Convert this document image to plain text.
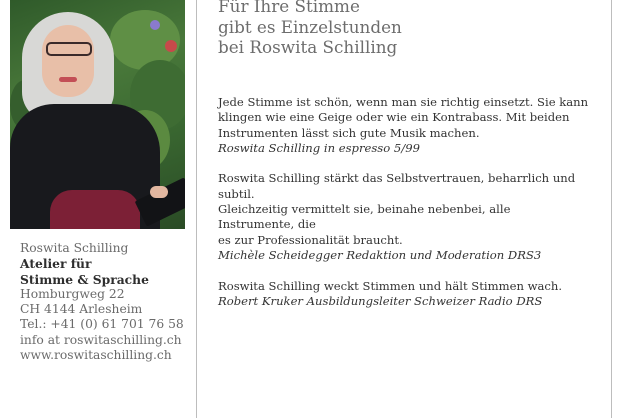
Roswita Schilling
Atelier für
Stimme & Sprache
Homburgweg 22
CH 4144 Arlesheim
Tel.: +41 (0) 61 701 76 58
info at roswitaschilling.ch
www.roswitaschilling.ch
Für Ihre Stimme
gibt es Einzelstunden
bei Roswita Schilling
Jede Stimme ist schön, wenn man sie richtig einsetzt. Sie kann
klingen wie eine Geige oder wie ein Kontrabass. Mit beiden
Instrumenten lässt sich gute Musik machen.
Roswita Schilling in espresso 5/99
Roswita Schilling stärkt das Selbstvertrauen, beharrlich und subtil.
Gleichzeitig vermittelt sie, beinahe nebenbei, alle Instrumente, die
es zur Professionalität braucht.
Michèle Scheidegger Redaktion und Moderation DRS3
Roswita Schilling weckt Stimmen und hält Stimmen wach.
Robert Kruker Ausbildungsleiter Schweizer Radio DRS
